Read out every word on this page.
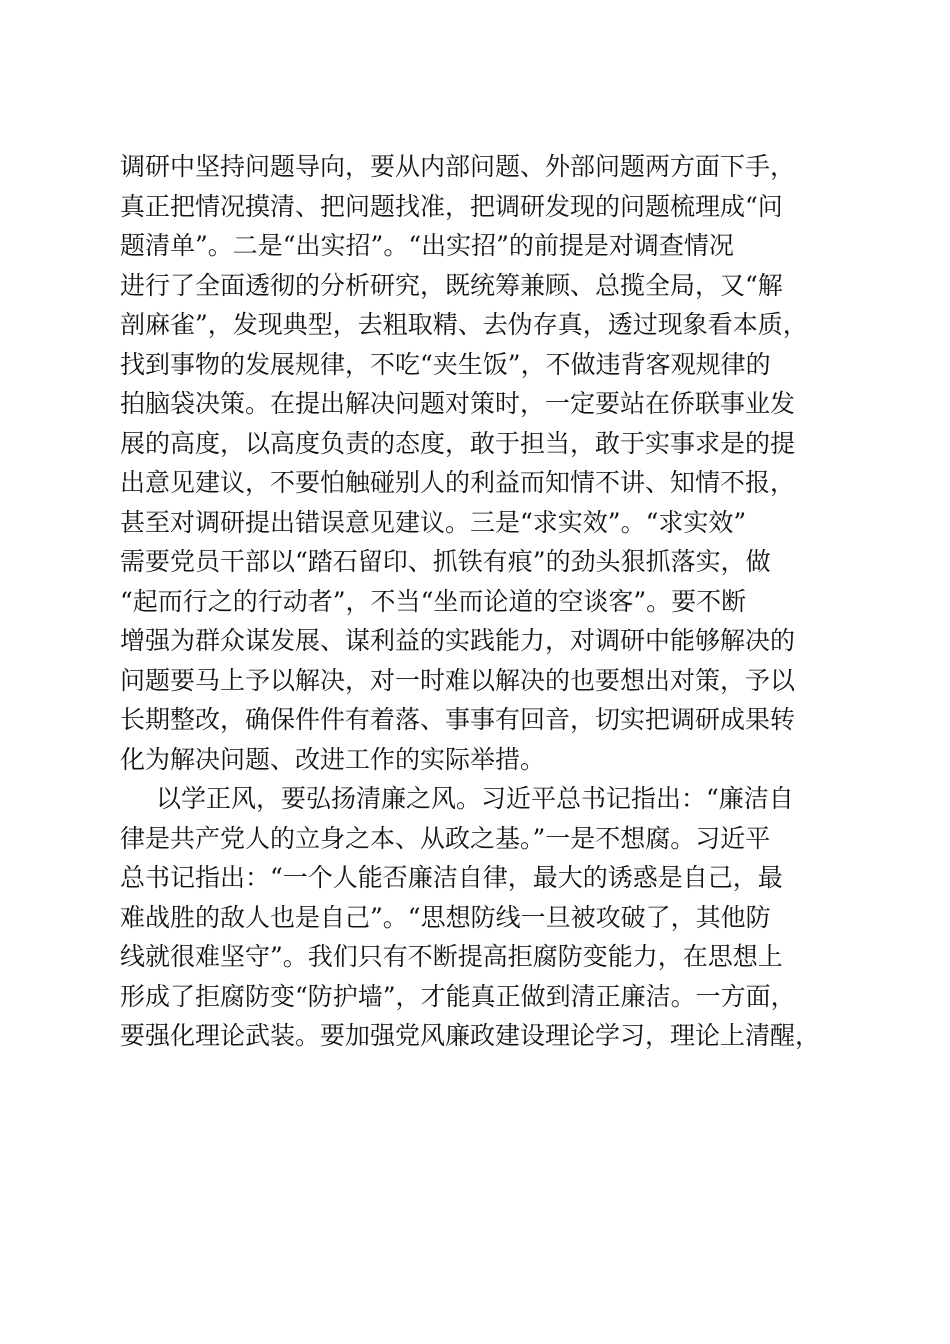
调研中坚持问题导向，要从内部问题、外部问题两方面下手，
真正把情况摸清、把问题找准，把调研发现的问题梳理成“问
题清单”。二是“出实招”。“出实招”的前提是对调查情况
进行了全面透彻的分析研究，既统筹兼顾、总揽全局，又“解
剖麻雀”，发现典型，去粗取精、去伪存真，透过现象看本质，
找到事物的发展规律，不吃“夹生饭”，不做违背客观规律的
拍脑袋决策。在提出解决问题对策时，一定要站在侨联事业发
展的高度，以高度负责的态度，敢于担当，敢于实事求是的提
出意见建议，不要怕触碰别人的利益而知情不讲、知情不报，
甚至对调研提出错误意见建议。三是“求实效”。“求实效”
需要党员干部以“踏石留印、抓铁有痕”的劲头狠抓落实，做
“起而行之的行动者”，不当“坐而论道的空谈客”。要不断
增强为群众谋发展、谋利益的实践能力，对调研中能够解决的
问题要马上予以解决，对一时难以解决的也要想出对策，予以
长期整改，确保件件有着落、事事有回音，切实把调研成果转
化为解决问题、改进工作的实际举措。
以学正风，要弘扬清廉之风。习近平总书记指出：“廉洁自
律是共产党人的立身之本、从政之基。”一是不想腐。习近平
总书记指出：“一个人能否廉洁自律，最大的诱惑是自己，最
难战胜的敌人也是自己”。“思想防线一旦被攻破了，其他防
线就很难坚守”。我们只有不断提高拒腐防变能力，在思想上
形成了拒腐防变“防护墙”，才能真正做到清正廉洁。一方面，
要强化理论武装。要加强党风廉政建设理论学习，理论上清醒，
